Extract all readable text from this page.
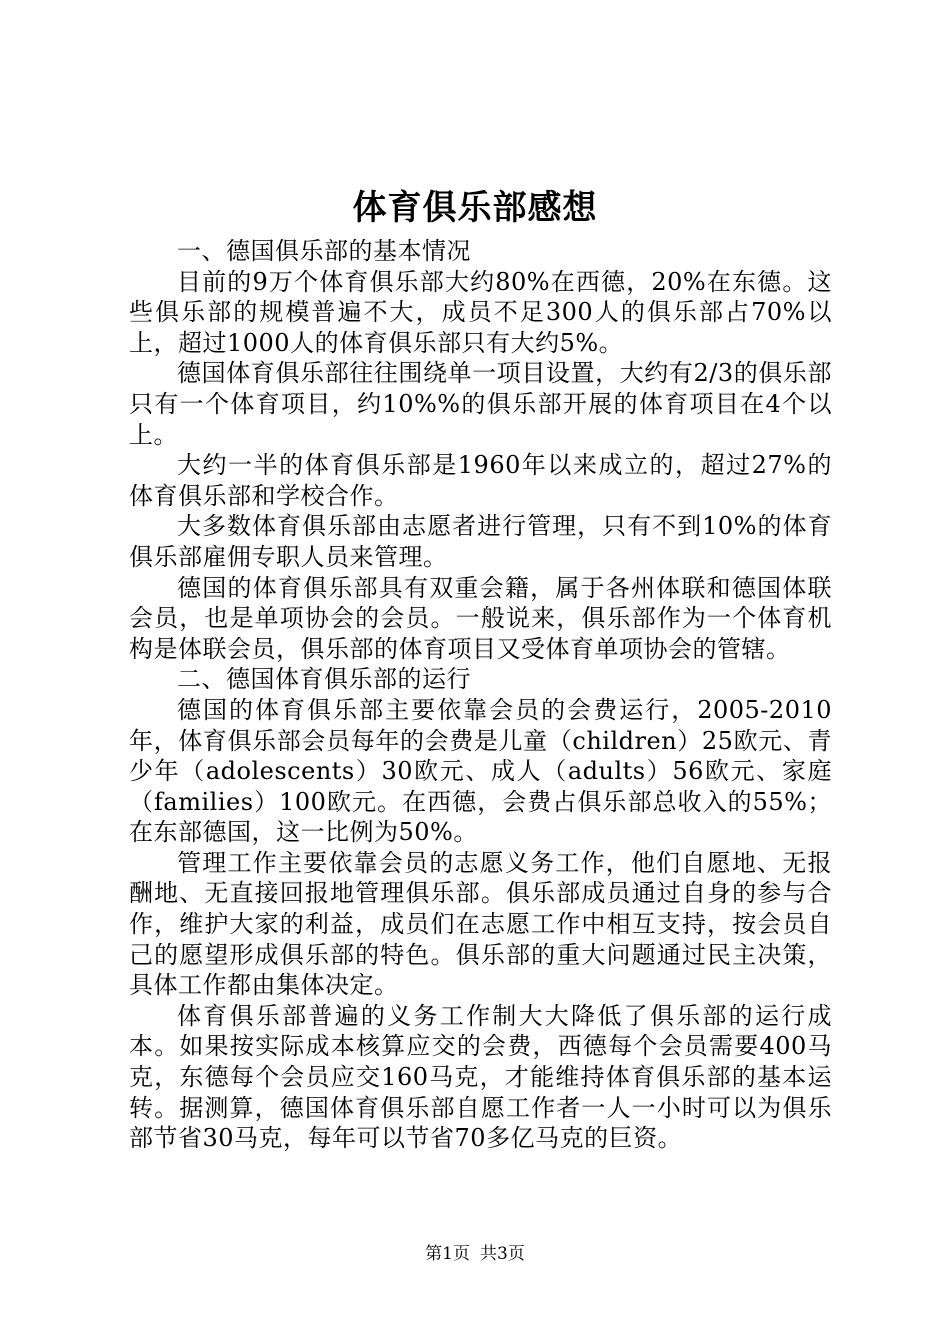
体育俱乐部感想

一、德国俱乐部的基本情况

目前的9万个体育俱乐部大约80%在西德，20%在东德。这些俱乐部的规模普遍不大，成员不足300人的俱乐部占70%以上，超过1000人的体育俱乐部只有大约5%。

德国体育俱乐部往往围绕单一项目设置，大约有2/3的俱乐部只有一个体育项目，约10%%的俱乐部开展的体育项目在4个以上。

大约一半的体育俱乐部是1960年以来成立的，超过27%的体育俱乐部和学校合作。

大多数体育俱乐部由志愿者进行管理，只有不到10%的体育俱乐部雇佣专职人员来管理。

德国的体育俱乐部具有双重会籍，属于各州体联和德国体联会员，也是单项协会的会员。一般说来，俱乐部作为一个体育机构是体联会员，俱乐部的体育项目又受体育单项协会的管辖。

二、德国体育俱乐部的运行

德国的体育俱乐部主要依靠会员的会费运行，2005-2010年，体育俱乐部会员每年的会费是儿童（children）25欧元、青少年（adolescents）30欧元、成人（adults）56欧元、家庭（families）100欧元。在西德，会费占俱乐部总收入的55%；在东部德国，这一比例为50%。

管理工作主要依靠会员的志愿义务工作，他们自愿地、无报酬地、无直接回报地管理俱乐部。俱乐部成员通过自身的参与合作，维护大家的利益，成员们在志愿工作中相互支持，按会员自己的愿望形成俱乐部的特色。俱乐部的重大问题通过民主决策，具体工作都由集体决定。

体育俱乐部普遍的义务工作制大大降低了俱乐部的运行成本。如果按实际成本核算应交的会费，西德每个会员需要400马克，东德每个会员应交160马克，才能维持体育俱乐部的基本运转。据测算，德国体育俱乐部自愿工作者一人一小时可以为俱乐部节省30马克，每年可以节省70多亿马克的巨资。

第1页 共3页
